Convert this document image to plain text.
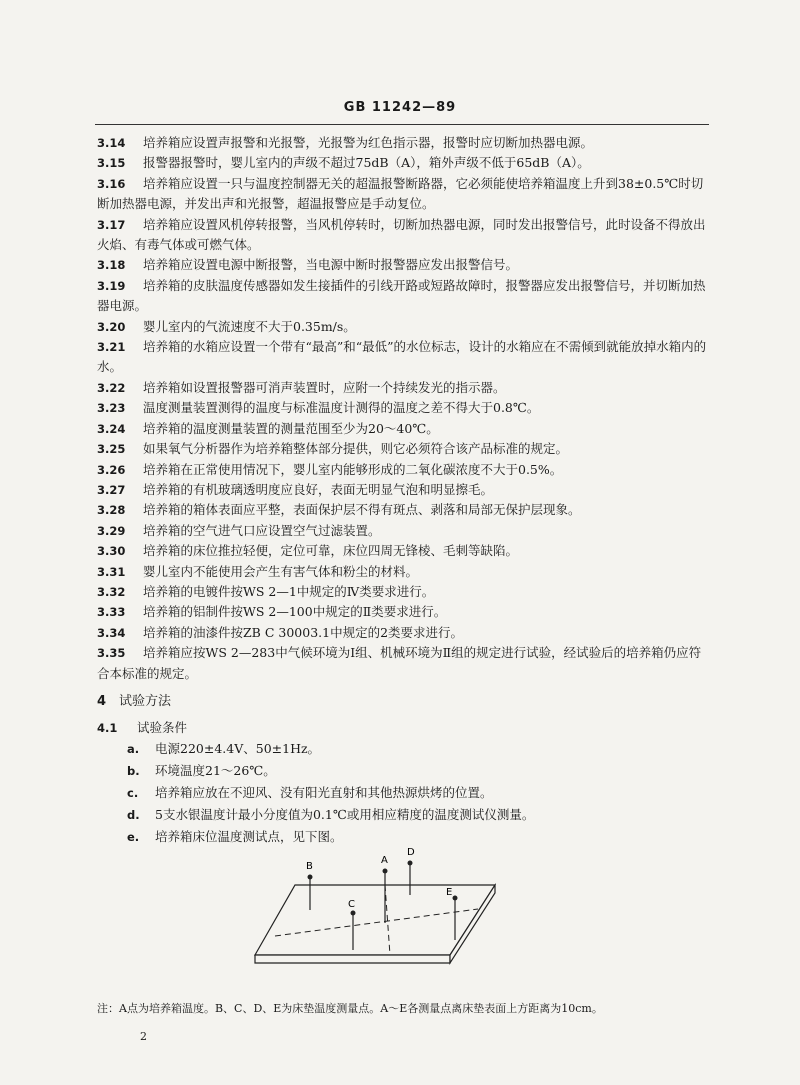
GB 11242—89
3.14 培养箱应设置声报警和光报警，光报警为红色指示器，报警时应切断加热器电源。
3.15 报警器报警时，婴儿室内的声级不超过75dB（A），箱外声级不低于65dB（A）。
3.16 培养箱应设置一只与温度控制器无关的超温报警断路器，它必须能使培养箱温度上升到38±0.5℃时切断加热器电源，并发出声和光报警，超温报警应是手动复位。
3.17 培养箱应设置风机停转报警，当风机停转时，切断加热器电源，同时发出报警信号，此时设备不得放出火焰、有毒气体或可燃气体。
3.18 培养箱应设置电源中断报警，当电源中断时报警器应发出报警信号。
3.19 培养箱的皮肤温度传感器如发生接插件的引线开路或短路故障时，报警器应发出报警信号，并切断加热器电源。
3.20 婴儿室内的气流速度不大于0.35m/s。
3.21 培养箱的水箱应设置一个带有“最高”和“最低”的水位标志，设计的水箱应在不需倾到就能放掉水箱内的水。
3.22 培养箱如设置报警器可消声装置时，应附一个持续发光的指示器。
3.23 温度测量装置测得的温度与标准温度计测得的温度之差不得大于0.8℃。
3.24 培养箱的温度测量装置的测量范围至少为20～40℃。
3.25 如果氧气分析器作为培养箱整体部分提供，则它必须符合该产品标准的规定。
3.26 培养箱在正常使用情况下，婴儿室内能够形成的二氧化碳浓度不大于0.5%。
3.27 培养箱的有机玻璃透明度应良好，表面无明显气泡和明显擦毛。
3.28 培养箱的箱体表面应平整，表面保护层不得有斑点、剥落和局部无保护层现象。
3.29 培养箱的空气进气口应设置空气过滤装置。
3.30 培养箱的床位推拉轻便，定位可靠，床位四周无锋棱、毛刺等缺陷。
3.31 婴儿室内不能使用会产生有害气体和粉尘的材料。
3.32 培养箱的电镀件按WS 2—1中规定的Ⅳ类要求进行。
3.33 培养箱的铝制件按WS 2—100中规定的Ⅱ类要求进行。
3.34 培养箱的油漆件按ZB C 30003.1中规定的2类要求进行。
3.35 培养箱应按WS 2—283中气候环境为Ⅰ组、机械环境为Ⅱ组的规定进行试验，经试验后的培养箱仍应符合本标准的规定。
4 试验方法
4.1 试验条件
a. 电源220±4.4V、50±1Hz。
b. 环境温度21～26℃。
c. 培养箱应放在不迎风、没有阳光直射和其他热源烘烤的位置。
d. 5支水银温度计最小分度值为0.1℃或用相应精度的温度测试仪测量。
e. 培养箱床位温度测试点，见下图。
B
A
D
C
E
注：A点为培养箱温度。B、C、D、E为床垫温度测量点。A～E各测量点离床垫表面上方距离为10cm。
2
